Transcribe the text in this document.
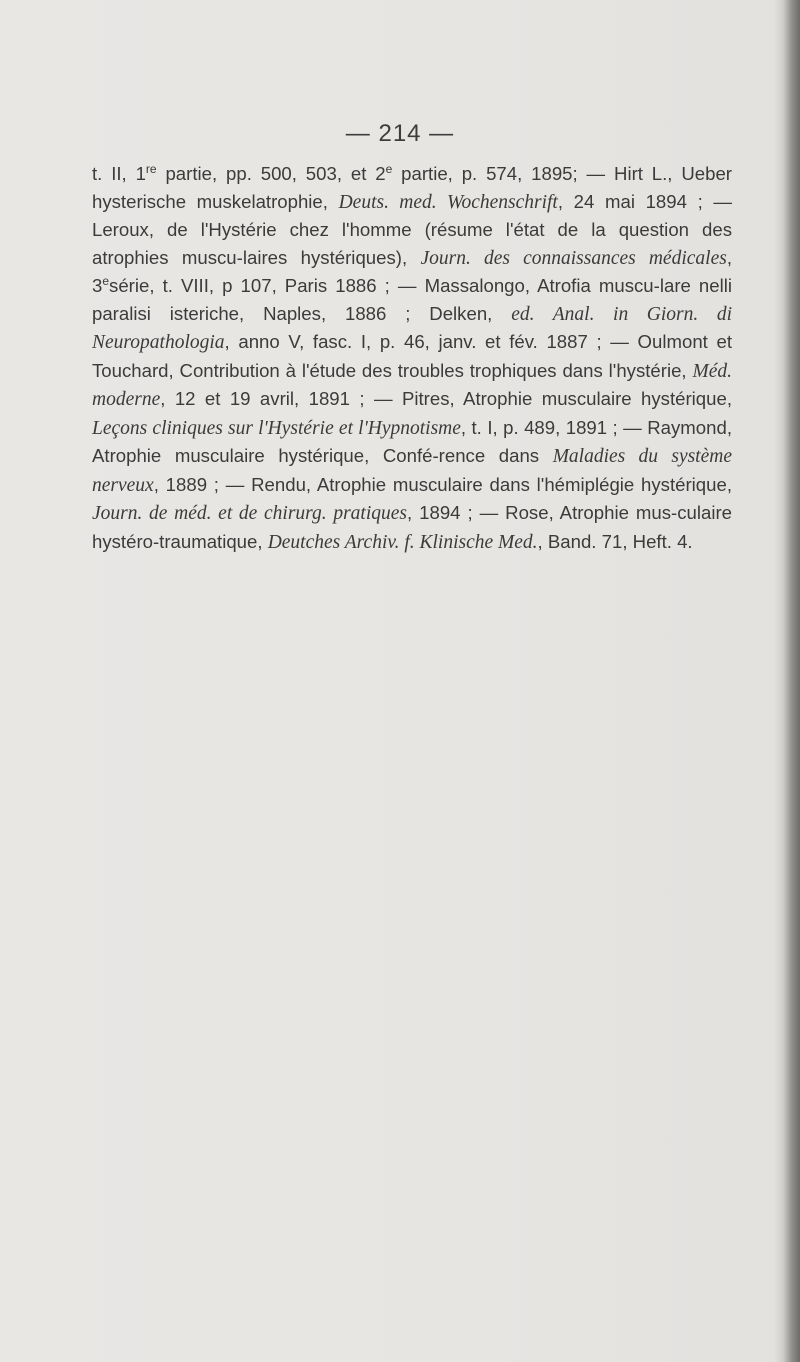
— 214 —

t. II, 1re partie, pp. 500, 503, et 2e partie, p. 574, 1895; — Hirt L., Ueber hysterische muskelatrophie, Deuts. med. Wochenschrift, 24 mai 1894 ; — Leroux, de l'Hystérie chez l'homme (résume l'état de la question des atrophies muscu-laires hystériques), Journ. des connaissances médicales, 3esérie, t. VIII, p 107, Paris 1886 ; — Massalongo, Atrofia muscu-lare nelli paralisi isteriche, Naples, 1886 ; Delken, ed. Anal. in Giorn. di Neuropathologia, anno V, fasc. I, p. 46, janv. et fév. 1887 ; — Oulmont et Touchard, Contribution à l'étude des troubles trophiques dans l'hystérie, Méd. moderne, 12 et 19 avril, 1891 ; — Pitres, Atrophie musculaire hystérique, Leçons cliniques sur l'Hystérie et l'Hypnotisme, t. I, p. 489, 1891 ; — Raymond, Atrophie musculaire hystérique, Confé-rence dans Maladies du système nerveux, 1889 ; — Rendu, Atrophie musculaire dans l'hémiplégie hystérique, Journ. de méd. et de chirurg. pratiques, 1894 ; — Rose, Atrophie mus-culaire hystéro-traumatique, Deutches Archiv. f. Klinische Med., Band. 71, Heft. 4.
